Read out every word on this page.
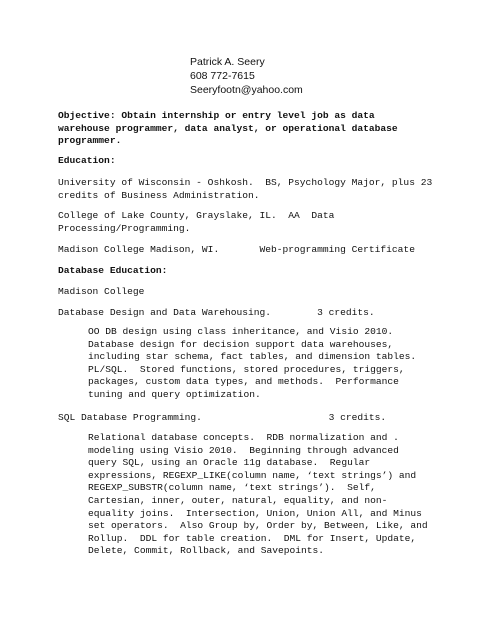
Patrick A. Seery
608 772-7615
Seeryfootn@yahoo.com
Objective: Obtain internship or entry level job as data
warehouse programmer, data analyst, or operational database
programmer.
Education:
University of Wisconsin - Oshkosh.  BS, Psychology Major, plus 23
credits of Business Administration.
College of Lake County, Grayslake, IL.  AA  Data
Processing/Programming.
Madison College Madison, WI.       Web-programming Certificate
Database Education:
Madison College
Database Design and Data Warehousing.        3 credits.
OO DB design using class inheritance, and Visio 2010.
Database design for decision support data warehouses,
including star schema, fact tables, and dimension tables.
PL/SQL.  Stored functions, stored procedures, triggers,
packages, custom data types, and methods.  Performance
tuning and query optimization.
SQL Database Programming.                      3 credits.
Relational database concepts.  RDB normalization and .
modeling using Visio 2010.  Beginning through advanced
query SQL, using an Oracle 11g database.  Regular
expressions, REGEXP_LIKE(column name, ‘text strings’) and
REGEXP_SUBSTR(column name, ‘text strings’).  Self,
Cartesian, inner, outer, natural, equality, and non-
equality joins.  Intersection, Union, Union All, and Minus
set operators.  Also Group by, Order by, Between, Like, and
Rollup.  DDL for table creation.  DML for Insert, Update,
Delete, Commit, Rollback, and Savepoints.
